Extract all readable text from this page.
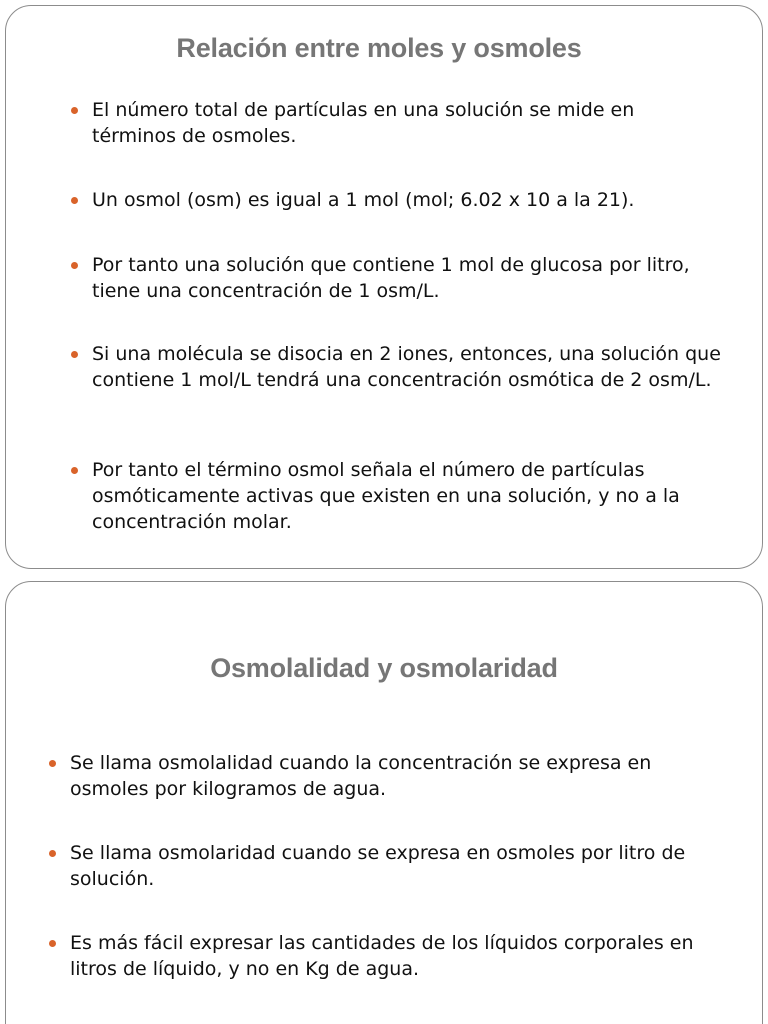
Relación entre moles y osmoles
El número total de partículas en una solución se mide en términos de osmoles.
Un osmol (osm) es igual a 1 mol (mol; 6.02 x 10 a la 21).
Por tanto una solución que contiene 1 mol de glucosa por litro, tiene una concentración de 1 osm/L.
Si una molécula se disocia en 2 iones, entonces, una solución que contiene 1 mol/L tendrá una concentración osmótica de 2 osm/L.
Por tanto el término osmol señala el número de partículas osmóticamente activas que existen en una solución, y no a la concentración molar.
Osmolalidad y osmolaridad
Se llama osmolalidad cuando la concentración se expresa en osmoles por kilogramos de agua.
Se llama osmolaridad cuando se expresa en osmoles por litro de solución.
Es más fácil expresar las cantidades de los líquidos corporales en litros de líquido, y no en Kg de agua.
